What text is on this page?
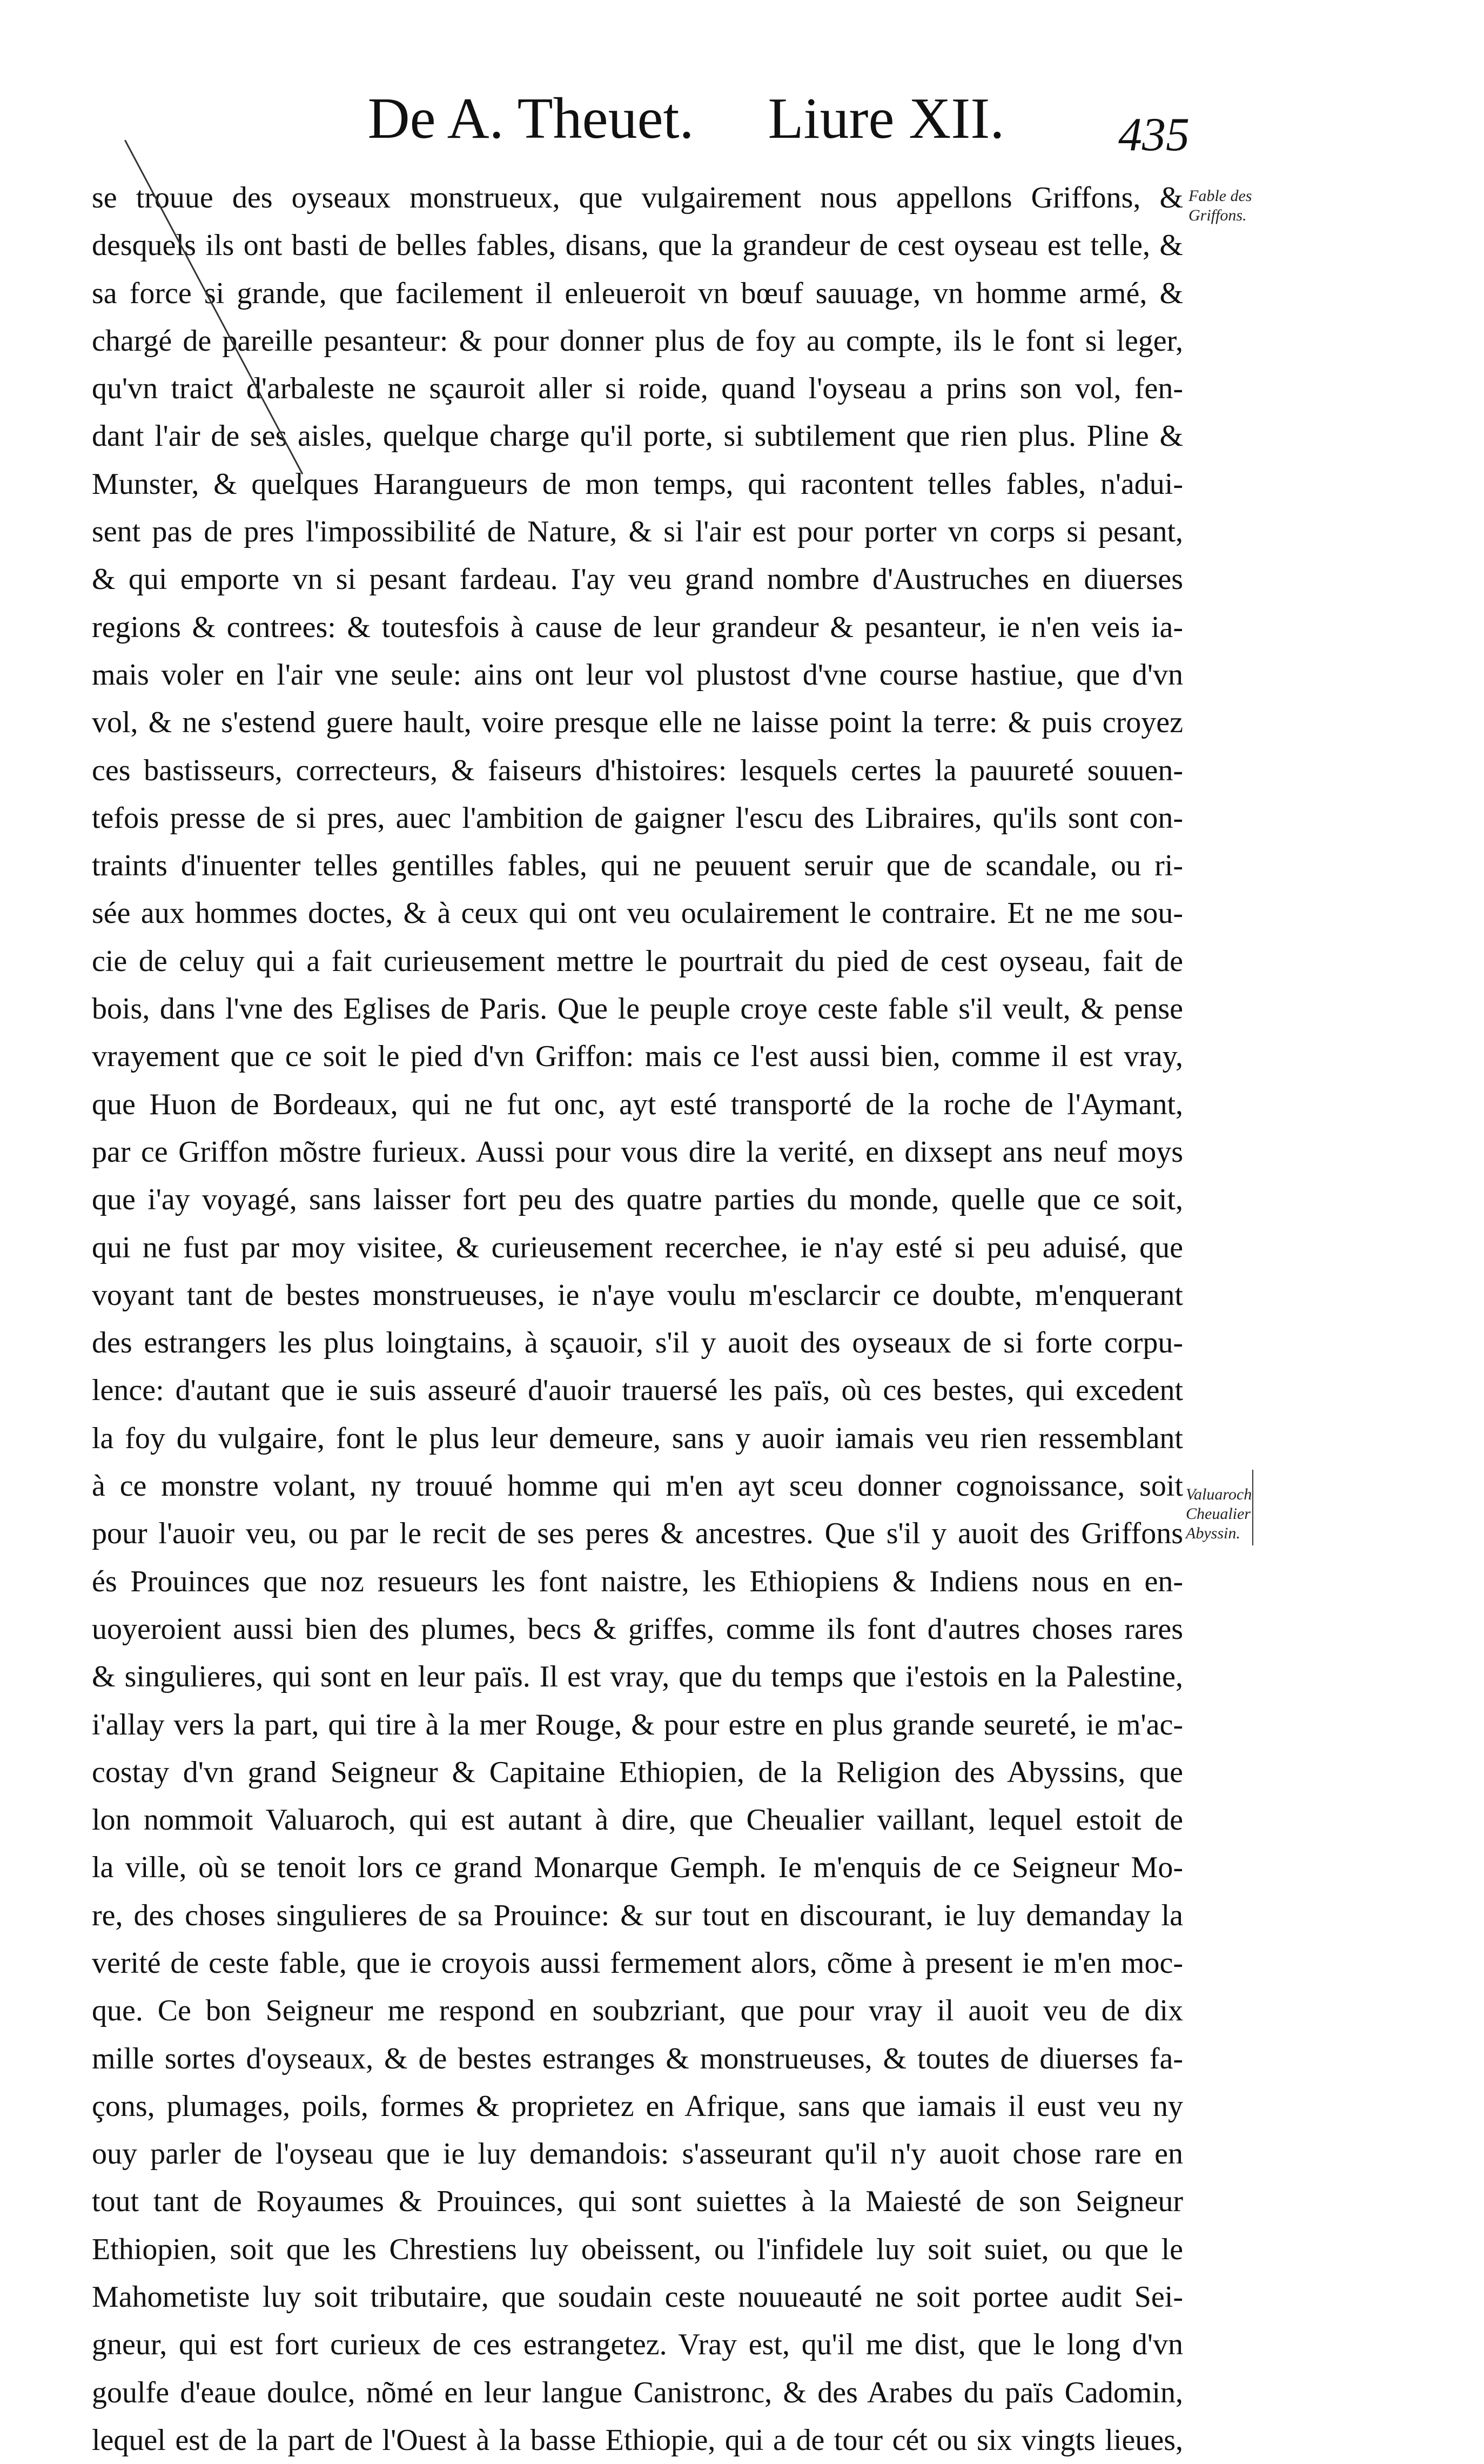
De A. Theuet. Liure XII.	435
se trouue des oyseaux monstrueux, que vulgairement nous appellons Griffons, &
desquels ils ont basti de belles fables, disans, que la grandeur de cest oyseau est telle, &
sa force si grande, que facilement il enleueroit vn bœuf sauuage, vn homme armé, &
chargé de pareille pesanteur: & pour donner plus de foy au compte, ils le font si leger,
qu'vn traict d'arbaleste ne sçauroit aller si roide, quand l'oyseau a prins son vol, fen-
dant l'air de ses aisles, quelque charge qu'il porte, si subtilement que rien plus. Pline &
Munster, & quelques Harangueurs de mon temps, qui racontent telles fables, n'adui-
sent pas de pres l'impossibilité de Nature, & si l'air est pour porter vn corps si pesant,
& qui emporte vn si pesant fardeau. I'ay veu grand nombre d'Austruches en diuerses
regions & contrees: & toutesfois à cause de leur grandeur & pesanteur, ie n'en veis ia-
mais voler en l'air vne seule: ains ont leur vol plustost d'vne course hastiue, que d'vn
vol, & ne s'estend guere hault, voire presque elle ne laisse point la terre: & puis croyez
ces bastisseurs, correcteurs, & faiseurs d'histoires: lesquels certes la pauureté souuen-
tefois presse de si pres, auec l'ambition de gaigner l'escu des Libraires, qu'ils sont con-
traints d'inuenter telles gentilles fables, qui ne peuuent seruir que de scandale, ou ri-
sée aux hommes doctes, & à ceux qui ont veu oculairement le contraire. Et ne me sou-
cie de celuy qui a fait curieusement mettre le pourtrait du pied de cest oyseau, fait de
bois, dans l'vne des Eglises de Paris. Que le peuple croye ceste fable s'il veult, & pense
vrayement que ce soit le pied d'vn Griffon: mais ce l'est aussi bien, comme il est vray,
que Huon de Bordeaux, qui ne fut onc, ayt esté transporté de la roche de l'Aymant,
par ce Griffon mõstre furieux. Aussi pour vous dire la verité, en dixsept ans neuf moys
que i'ay voyagé, sans laisser fort peu des quatre parties du monde, quelle que ce soit,
qui ne fust par moy visitee, & curieusement recerchee, ie n'ay esté si peu aduisé, que
voyant tant de bestes monstrueuses, ie n'aye voulu m'esclarcir ce doubte, m'enquerant
des estrangers les plus loingtains, à sçauoir, s'il y auoit des oyseaux de si forte corpu-
lence: d'autant que ie suis asseuré d'auoir trauersé les païs, où ces bestes, qui excedent
la foy du vulgaire, font le plus leur demeure, sans y auoir iamais veu rien ressemblant
à ce monstre volant, ny trouué homme qui m'en ayt sceu donner cognoissance, soit
pour l'auoir veu, ou par le recit de ses peres & ancestres. Que s'il y auoit des Griffons
és Prouinces que noz resueurs les font naistre, les Ethiopiens & Indiens nous en en-
uoyeroient aussi bien des plumes, becs & griffes, comme ils font d'autres choses rares
& singulieres, qui sont en leur païs. Il est vray, que du temps que i'estois en la Palestine,
i'allay vers la part, qui tire à la mer Rouge, & pour estre en plus grande seureté, ie m'ac-
costay d'vn grand Seigneur & Capitaine Ethiopien, de la Religion des Abyssins, que
lon nommoit Valuaroch, qui est autant à dire, que Cheualier vaillant, lequel estoit de
la ville, où se tenoit lors ce grand Monarque Gemph. Ie m'enquis de ce Seigneur Mo-
re, des choses singulieres de sa Prouince: & sur tout en discourant, ie luy demanday la
verité de ceste fable, que ie croyois aussi fermement alors, cõme à present ie m'en moc-
que. Ce bon Seigneur me respond en soubzriant, que pour vray il auoit veu de dix
mille sortes d'oyseaux, & de bestes estranges & monstrueuses, & toutes de diuerses fa-
çons, plumages, poils, formes & proprietez en Afrique, sans que iamais il eust veu ny
ouy parler de l'oyseau que ie luy demandois: s'asseurant qu'il n'y auoit chose rare en
tout tant de Royaumes & Prouinces, qui sont suiettes à la Maiesté de son Seigneur
Ethiopien, soit que les Chrestiens luy obeissent, ou l'infidele luy soit suiet, ou que le
Mahometiste luy soit tributaire, que soudain ceste nouueauté ne soit portee audit Sei-
gneur, qui est fort curieux de ces estrangetez. Vray est, qu'il me dist, que le long d'vn
goulfe d'eaue doulce, nõmé en leur langue Canistronc, & des Arabes du païs Cadomin,
lequel est de la part de l'Ouest à la basse Ethiopie, qui a de tour cét ou six vingts lieues,
Fable des
Griffons.
Valuaroch
Cheualier
Abyssin.
